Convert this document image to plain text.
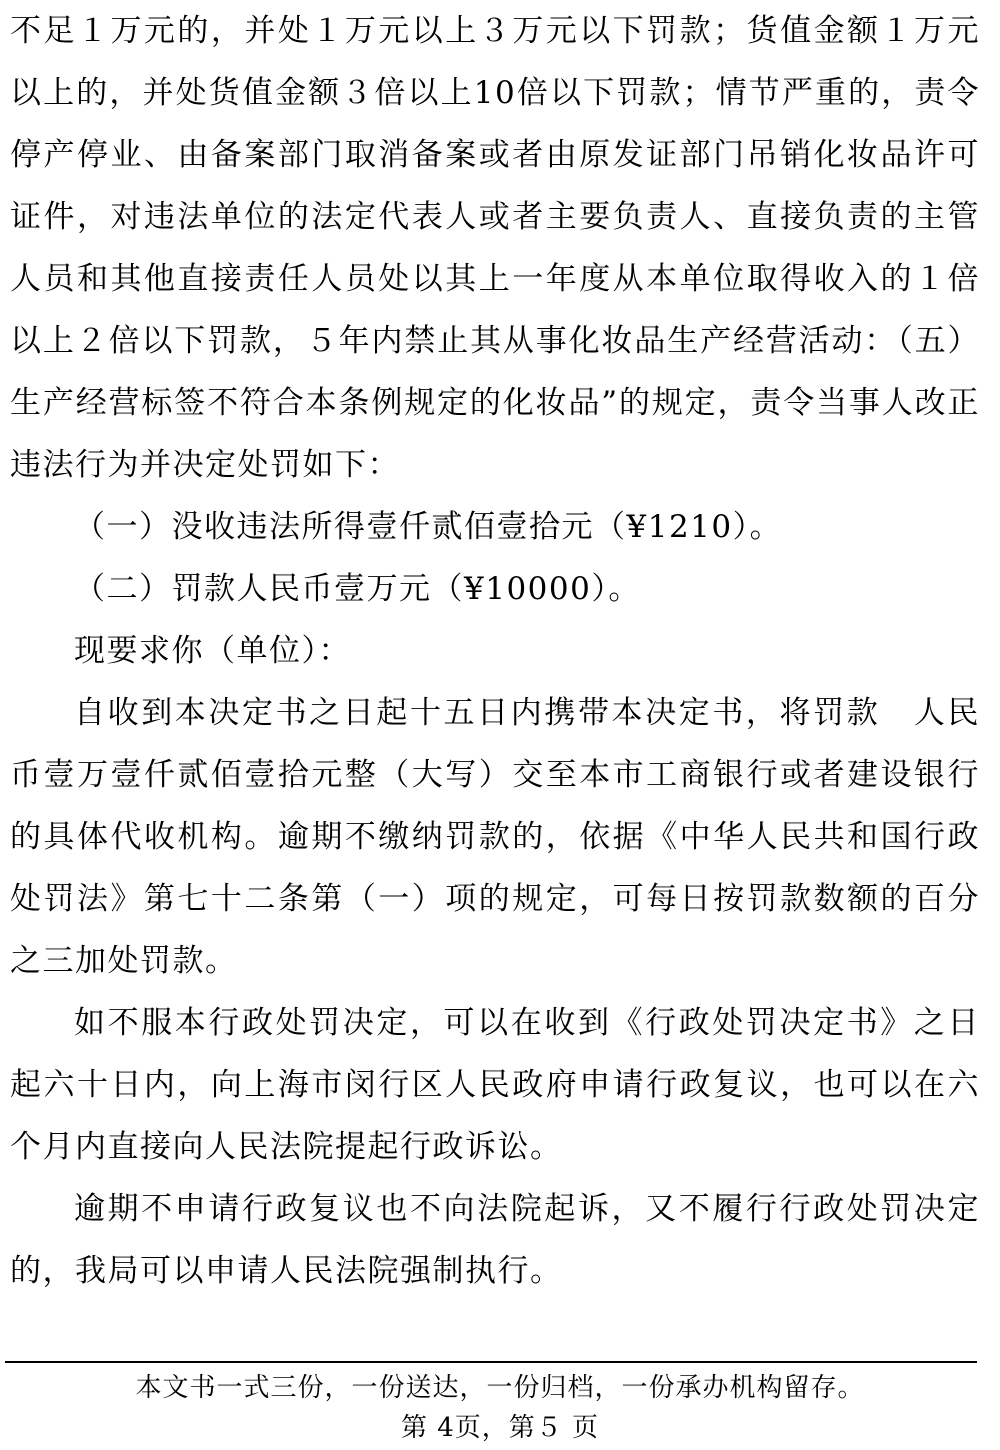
不足１万元的，并处１万元以上３万元以下罚款；货值金额１万元以上的，并处货值金额３倍以上10倍以下罚款；情节严重的，责令停产停业、由备案部门取消备案或者由原发证部门吊销化妆品许可证件，对违法单位的法定代表人或者主要负责人、直接负责的主管人员和其他直接责任人员处以其上一年度从本单位取得收入的１倍以上２倍以下罚款，５年内禁止其从事化妆品生产经营活动：（五）生产经营标签不符合本条例规定的化妆品”的规定，责令当事人改正违法行为并决定处罚如下：

（一）没收违法所得壹仟贰佰壹拾元（¥1210）。

（二）罚款人民币壹万元（¥10000）。

现要求你（单位）：

自收到本决定书之日起十五日内携带本决定书，将罚款　人民币壹万壹仟贰佰壹拾元整（大写）交至本市工商银行或者建设银行的具体代收机构。逾期不缴纳罚款的，依据《中华人民共和国行政处罚法》第七十二条第（一）项的规定，可每日按罚款数额的百分之三加处罚款。

如不服本行政处罚决定，可以在收到《行政处罚决定书》之日起六十日内，向上海市闵行区人民政府申请行政复议，也可以在六个月内直接向人民法院提起行政诉讼。

逾期不申请行政复议也不向法院起诉，又不履行行政处罚决定的，我局可以申请人民法院强制执行。

本文书一式三份，一份送达，一份归档，一份承办机构留存。
第 4页，第５ 页
